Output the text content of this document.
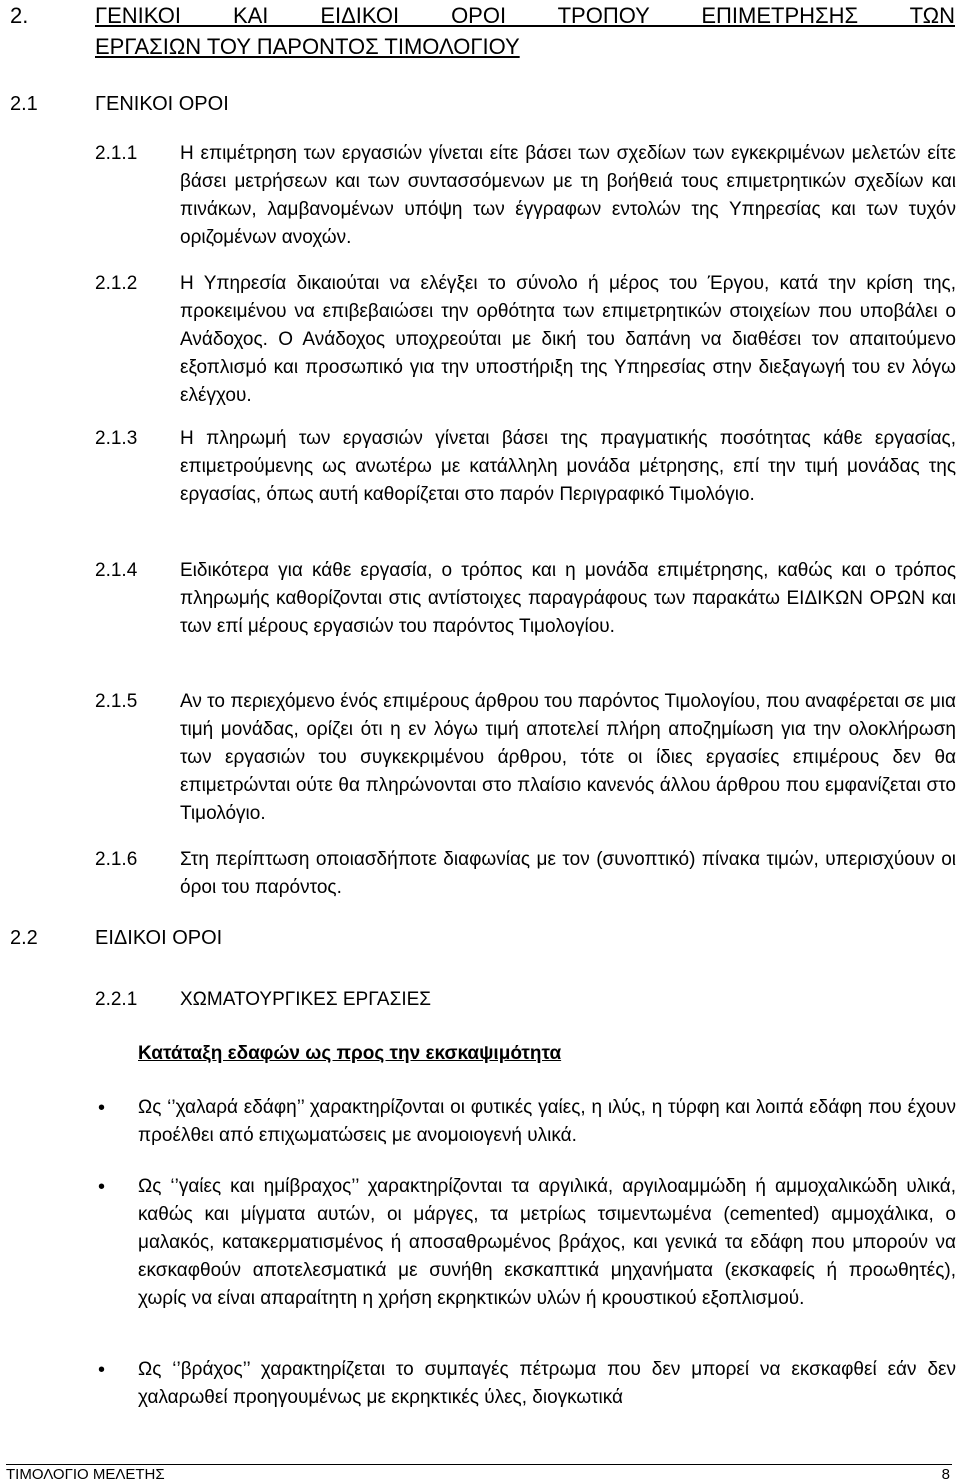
2.	ΓΕΝΙΚΟΙ ΚΑΙ ΕΙΔΙΚΟΙ ΟΡΟΙ ΤΡΟΠΟΥ ΕΠΙΜΕΤΡΗΣΗΣ ΤΩΝ
ΕΡΓΑΣΙΩΝ ΤΟΥ ΠΑΡΟΝΤΟΣ ΤΙΜΟΛΟΓΙΟΥ
2.1	ΓΕΝΙΚΟΙ ΟΡΟΙ
2.1.1 Η επιμέτρηση των εργασιών γίνεται είτε βάσει των σχεδίων των εγκεκριμένων μελετών είτε βάσει μετρήσεων και των συντασσόμενων με τη βοήθειά τους επιμετρητικών σχεδίων και πινάκων, λαμβανομένων υπόψη των έγγραφων εντολών της Υπηρεσίας και των τυχόν οριζομένων ανοχών.
2.1.2 Η Υπηρεσία δικαιούται να ελέγξει το σύνολο ή μέρος του Έργου, κατά την κρίση της, προκειμένου να επιβεβαιώσει την ορθότητα των επιμετρητικών στοιχείων που υποβάλει ο Ανάδοχος. Ο Ανάδοχος υποχρεούται με δική του δαπάνη να διαθέσει τον απαιτούμενο εξοπλισμό και προσωπικό για την υποστήριξη της Υπηρεσίας στην διεξαγωγή του εν λόγω ελέγχου.
2.1.3 Η πληρωμή των εργασιών γίνεται βάσει της πραγματικής ποσότητας κάθε εργασίας, επιμετρούμενης ως ανωτέρω με κατάλληλη μονάδα μέτρησης, επί την τιμή μονάδας της εργασίας, όπως αυτή καθορίζεται στο παρόν Περιγραφικό Τιμολόγιο.
2.1.4 Ειδικότερα για κάθε εργασία, ο τρόπος και η μονάδα επιμέτρησης, καθώς και ο τρόπος πληρωμής καθορίζονται στις αντίστοιχες παραγράφους των παρακάτω ΕΙΔΙΚΩΝ ΟΡΩΝ και των επί μέρους εργασιών του παρόντος Τιμολογίου.
2.1.5 Αν το περιεχόμενο ένός επιμέρους άρθρου του παρόντος Τιμολογίου, που αναφέρεται σε μια τιμή μονάδας, ορίζει ότι η εν λόγω τιμή αποτελεί πλήρη αποζημίωση για την ολοκλήρωση των εργασιών του συγκεκριμένου άρθρου, τότε οι ίδιες εργασίες επιμέρους δεν θα επιμετρώνται ούτε θα πληρώνονται στο πλαίσιο κανενός άλλου άρθρου που εμφανίζεται στο Τιμολόγιο.
2.1.6 Στη περίπτωση οποιασδήποτε διαφωνίας με τον (συνοπτικό) πίνακα τιμών, υπερισχύουν οι όροι του παρόντος.
2.2	ΕΙΔΙΚΟΙ ΟΡΟΙ
2.2.1 ΧΩΜΑΤΟΥΡΓΙΚΕΣ ΕΡΓΑΣΙΕΣ
Κατάταξη εδαφών ως προς την εκσκαψιμότητα
• Ως ‘’χαλαρά εδάφη’’ χαρακτηρίζονται οι φυτικές γαίες, η ιλύς, η τύρφη και λοιπά εδάφη που έχουν προέλθει από επιχωματώσεις με ανομοιογενή υλικά.
• Ως ‘’γαίες και ημίβραχος’’ χαρακτηρίζονται τα αργιλικά, αργιλοαμμώδη ή αμμοχαλικώδη υλικά, καθώς και μίγματα αυτών, οι μάργες, τα μετρίως τσιμεντωμένα (cemented) αμμοχάλικα, ο μαλακός, κατακερματισμένος ή αποσαθρωμένος βράχος, και γενικά τα εδάφη που μπορούν να εκσκαφθούν αποτελεσματικά με συνήθη εκσκαπτικά μηχανήματα (εκσκαφείς ή προωθητές), χωρίς να είναι απαραίτητη η χρήση εκρηκτικών υλών ή κρουστικού εξοπλισμού.
• Ως ‘’βράχος’’ χαρακτηρίζεται το συμπαγές πέτρωμα που δεν μπορεί να εκσκαφθεί εάν δεν χαλαρωθεί προηγουμένως με εκρηκτικές ύλες, διογκωτικά
ΤΙΜΟΛΟΓΙΟ ΜΕΛΕΤΗΣ	8
